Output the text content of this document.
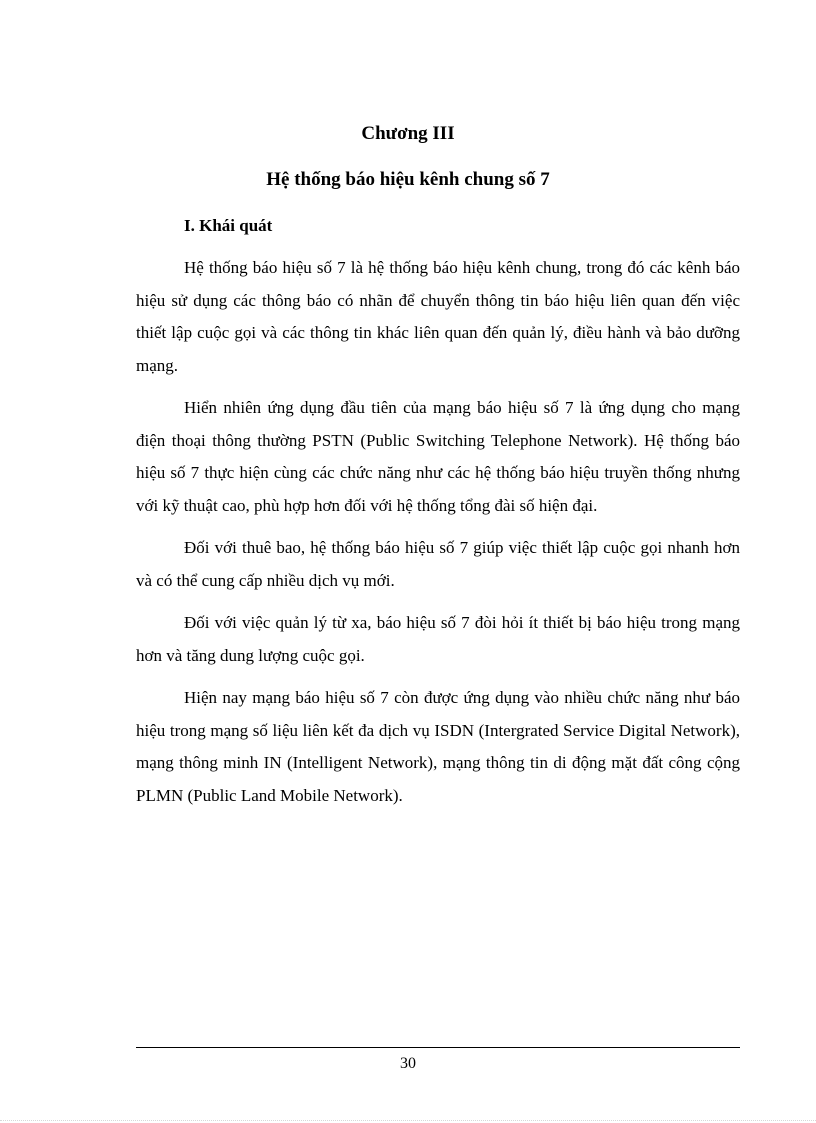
Chương III
Hệ thống báo hiệu kênh chung số 7
I. Khái quát

Hệ thống báo hiệu số 7 là hệ thống báo hiệu kênh chung, trong đó các kênh báo hiệu sử dụng các thông báo có nhãn để chuyển thông tin báo hiệu liên quan đến việc thiết lập cuộc gọi và các thông tin khác liên quan đến quản lý, điều hành và bảo dưỡng mạng.

Hiển nhiên ứng dụng đầu tiên của mạng báo hiệu số 7 là ứng dụng cho mạng điện thoại thông thường PSTN (Public Switching Telephone Network). Hệ thống báo hiệu số 7 thực hiện cùng các chức năng như các hệ thống báo hiệu truyền thống nhưng với kỹ thuật cao, phù hợp hơn đối với hệ thống tổng đài số hiện đại.

Đối với thuê bao, hệ thống báo hiệu số 7 giúp việc thiết lập cuộc gọi nhanh hơn và có thể cung cấp nhiều dịch vụ mới.

Đối với việc quản lý từ xa, báo hiệu số 7 đòi hỏi ít thiết bị báo hiệu trong mạng hơn và tăng dung lượng cuộc gọi.

Hiện nay mạng báo hiệu số 7 còn được ứng dụng vào nhiều chức năng như báo hiệu trong mạng số liệu liên kết đa dịch vụ ISDN (Intergrated Service Digital Network), mạng thông minh IN (Intelligent Network), mạng thông tin di động mặt đất công cộng PLMN (Public Land Mobile Network).

30
